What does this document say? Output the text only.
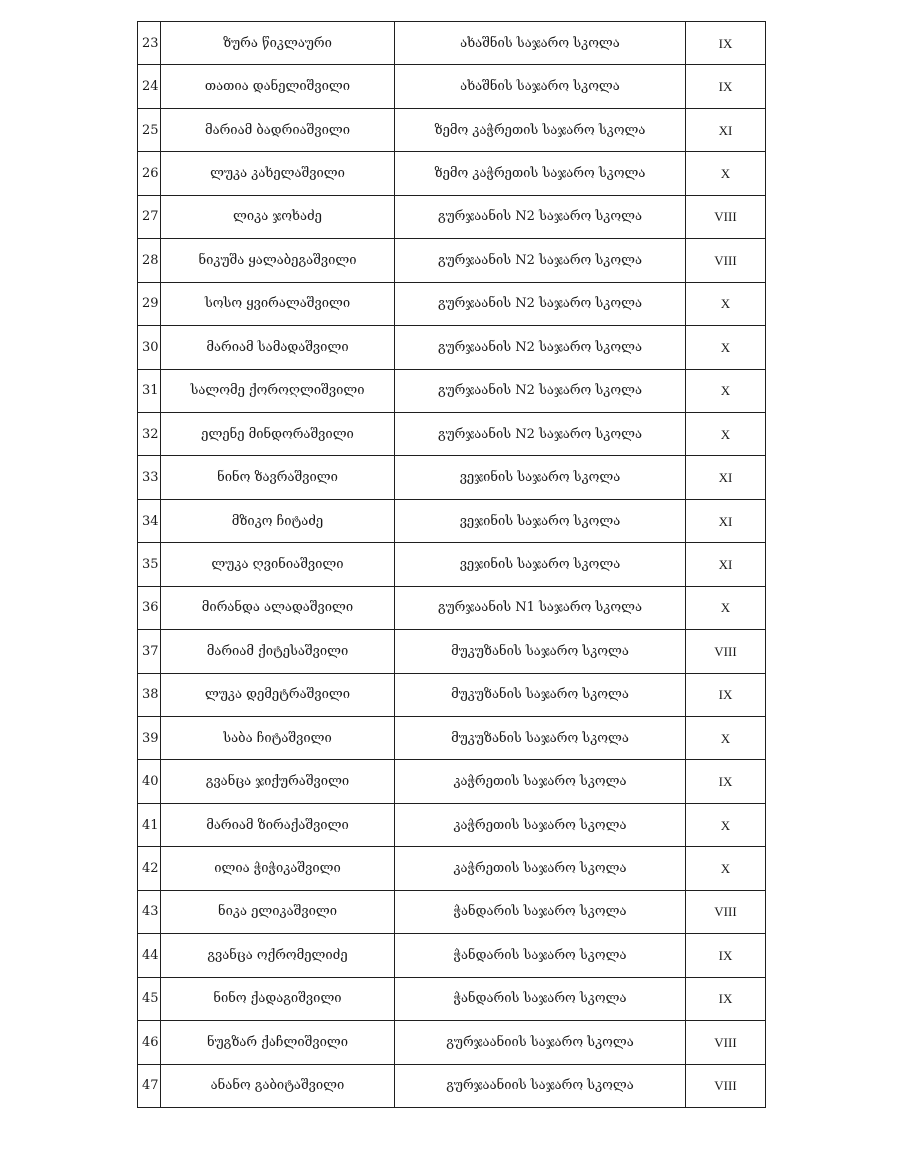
23	ზურა წიკლაური	ახაშნის საჯარო სკოლა	IX
24	თათია დანელიშვილი	ახაშნის საჯარო სკოლა	IX
25	მარიამ ბადრიაშვილი	ზემო კაჭრეთის საჯარო სკოლა	XI
26	ლუკა კახელაშვილი	ზემო კაჭრეთის საჯარო სკოლა	X
27	ლიკა ჯოხაძე	გურჯაანის N2 საჯარო სკოლა	VIII
28	ნიკუშა ყალაბეგაშვილი	გურჯაანის N2 საჯარო სკოლა	VIII
29	სოსო ყვირალაშვილი	გურჯაანის N2 საჯარო სკოლა	X
30	მარიამ სამადაშვილი	გურჯაანის N2 საჯარო სკოლა	X
31	სალომე ქოროღლიშვილი	გურჯაანის N2 საჯარო სკოლა	X
32	ელენე მინდორაშვილი	გურჯაანის N2 საჯარო სკოლა	X
33	ნინო ზავრაშვილი	ვეჯინის საჯარო სკოლა	XI
34	მზიკო ჩიტაძე	ვეჯინის საჯარო სკოლა	XI
35	ლუკა ღვინიაშვილი	ვეჯინის საჯარო სკოლა	XI
36	მირანდა ალადაშვილი	გურჯაანის N1 საჯარო სკოლა	X
37	მარიამ ქიტესაშვილი	მუკუზანის საჯარო სკოლა	VIII
38	ლუკა დემეტრაშვილი	მუკუზანის საჯარო სკოლა	IX
39	საბა ჩიტაშვილი	მუკუზანის საჯარო სკოლა	X
40	გვანცა ჯიქურაშვილი	კაჭრეთის საჯარო სკოლა	IX
41	მარიამ ზირაქაშვილი	კაჭრეთის საჯარო სკოლა	X
42	ილია ჭიჭიკაშვილი	კაჭრეთის საჯარო სკოლა	X
43	ნიკა ელიკაშვილი	ჭანდარის საჯარო სკოლა	VIII
44	გვანცა ოქრომელიძე	ჭანდარის საჯარო სკოლა	IX
45	ნინო ქადაგიშვილი	ჭანდარის საჯარო სკოლა	IX
46	ნუგზარ ქაჩლიშვილი	გურჯაანიის საჯარო სკოლა	VIII
47	ანანო გაბიტაშვილი	გურჯაანიის საჯარო სკოლა	VIII
